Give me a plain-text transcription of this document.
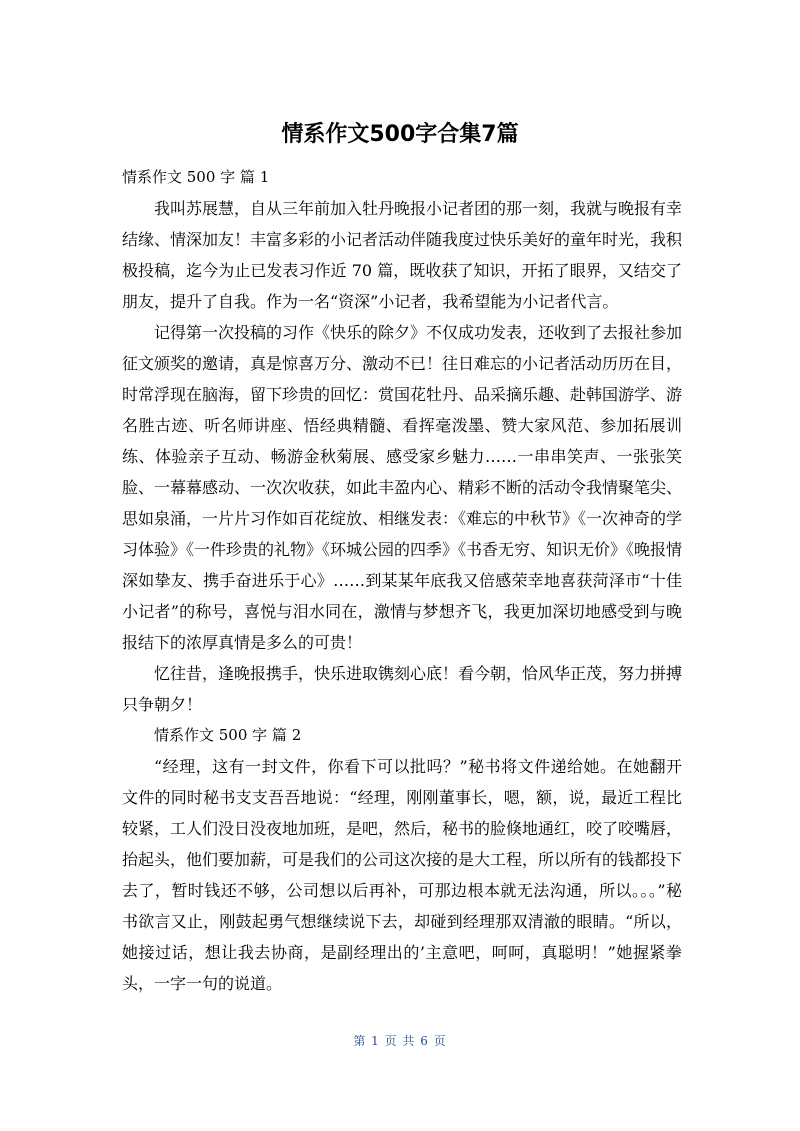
情系作文500字合集7篇

情系作文 500 字 篇 1

我叫苏展慧，自从三年前加入牡丹晚报小记者团的那一刻，我就与晚报有幸结缘、情深加友！丰富多彩的小记者活动伴随我度过快乐美好的童年时光，我积极投稿，迄今为止已发表习作近 70 篇，既收获了知识，开拓了眼界，又结交了朋友，提升了自我。作为一名“资深”小记者，我希望能为小记者代言。

记得第一次投稿的习作《快乐的除夕》不仅成功发表，还收到了去报社参加征文颁奖的邀请，真是惊喜万分、激动不已！往日难忘的小记者活动历历在目，时常浮现在脑海，留下珍贵的回忆：赏国花牡丹、品采摘乐趣、赴韩国游学、游名胜古迹、听名师讲座、悟经典精髓、看挥毫泼墨、赞大家风范、参加拓展训练、体验亲子互动、畅游金秋菊展、感受家乡魅力……一串串笑声、一张张笑脸、一幕幕感动、一次次收获，如此丰盈内心、精彩不断的活动令我情聚笔尖、思如泉涌，一片片习作如百花绽放、相继发表：《难忘的中秋节》《一次神奇的学习体验》《一件珍贵的礼物》《环城公园的四季》《书香无穷、知识无价》《晚报情深如挚友、携手奋进乐于心》……到某某年底我又倍感荣幸地喜获菏泽市“十佳小记者”的称号，喜悦与泪水同在，激情与梦想齐飞，我更加深切地感受到与晚报结下的浓厚真情是多么的可贵！

忆往昔，逢晚报携手，快乐进取镌刻心底！看今朝，恰风华正茂，努力拼搏只争朝夕！

情系作文 500 字 篇 2

“经理，这有一封文件，你看下可以批吗？”秘书将文件递给她。在她翻开文件的同时秘书支支吾吾地说：“经理，刚刚董事长，嗯，额，说，最近工程比较紧，工人们没日没夜地加班，是吧，然后，秘书的脸倏地通红，咬了咬嘴唇，抬起头，他们要加薪，可是我们的公司这次接的是大工程，所以所有的钱都投下去了，暂时钱还不够，公司想以后再补，可那边根本就无法沟通，所以。。。”秘书欲言又止，刚鼓起勇气想继续说下去，却碰到经理那双清澈的眼睛。“所以，她接过话，想让我去协商，是副经理出的’主意吧，呵呵，真聪明！”她握紧拳头，一字一句的说道。

第 1 页 共 6 页
